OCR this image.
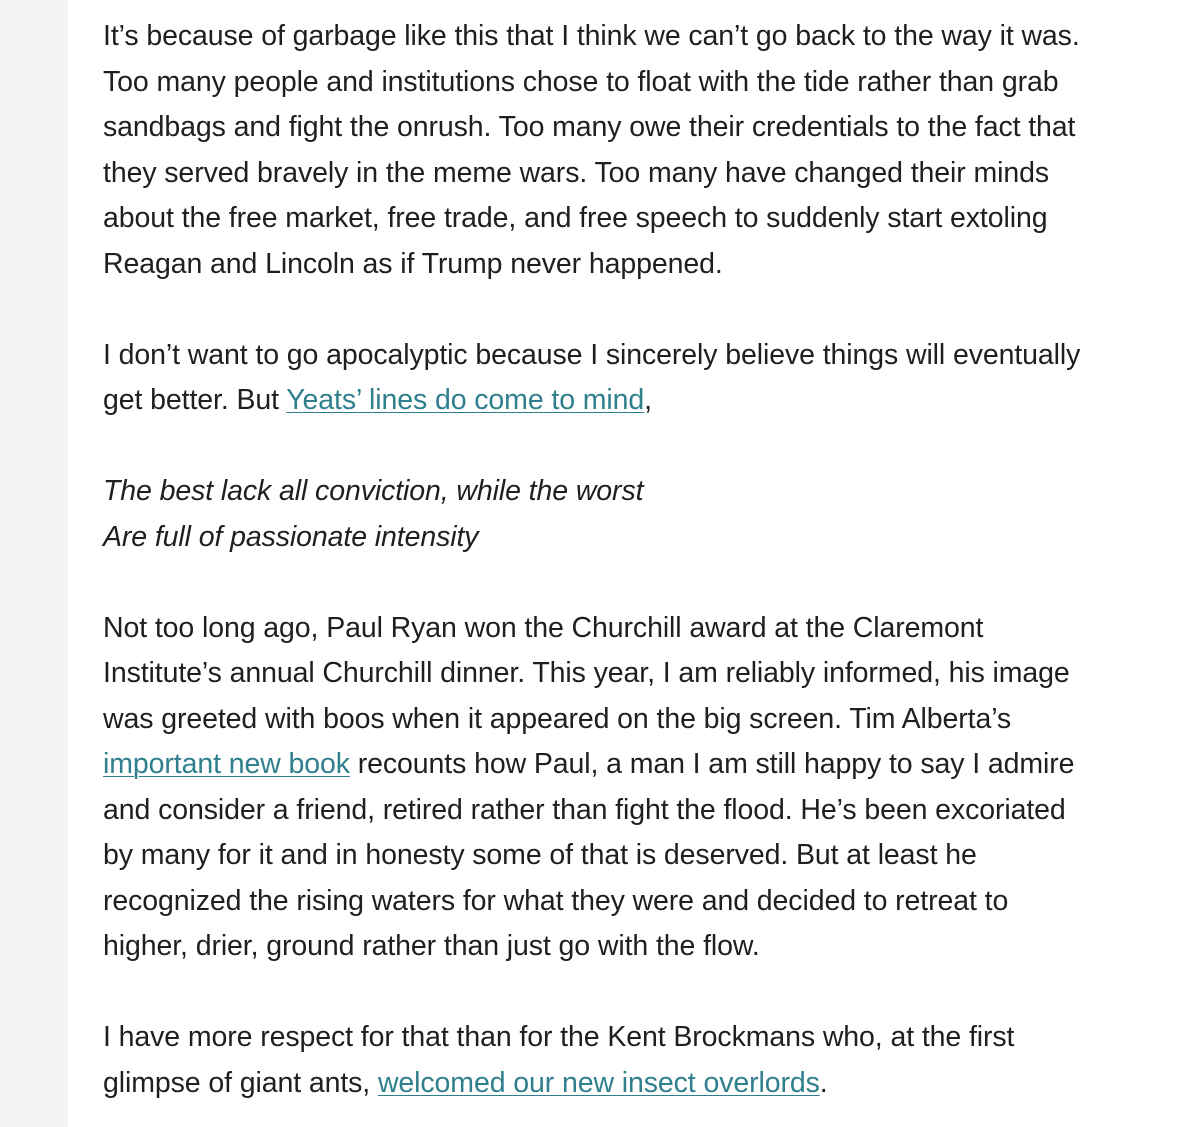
It’s because of garbage like this that I think we can’t go back to the way it was.
Too many people and institutions chose to float with the tide rather than grab
sandbags and fight the onrush. Too many owe their credentials to the fact that
they served bravely in the meme wars. Too many have changed their minds
about the free market, free trade, and free speech to suddenly start extoling
Reagan and Lincoln as if Trump never happened.

I don’t want to go apocalyptic because I sincerely believe things will eventually
get better. But Yeats’ lines do come to mind,

The best lack all conviction, while the worst
Are full of passionate intensity

Not too long ago, Paul Ryan won the Churchill award at the Claremont
Institute’s annual Churchill dinner. This year, I am reliably informed, his image
was greeted with boos when it appeared on the big screen. Tim Alberta’s
important new book recounts how Paul, a man I am still happy to say I admire
and consider a friend, retired rather than fight the flood. He’s been excoriated
by many for it and in honesty some of that is deserved. But at least he
recognized the rising waters for what they were and decided to retreat to
higher, drier, ground rather than just go with the flow.

I have more respect for that than for the Kent Brockmans who, at the first
glimpse of giant ants, welcomed our new insect overlords.
